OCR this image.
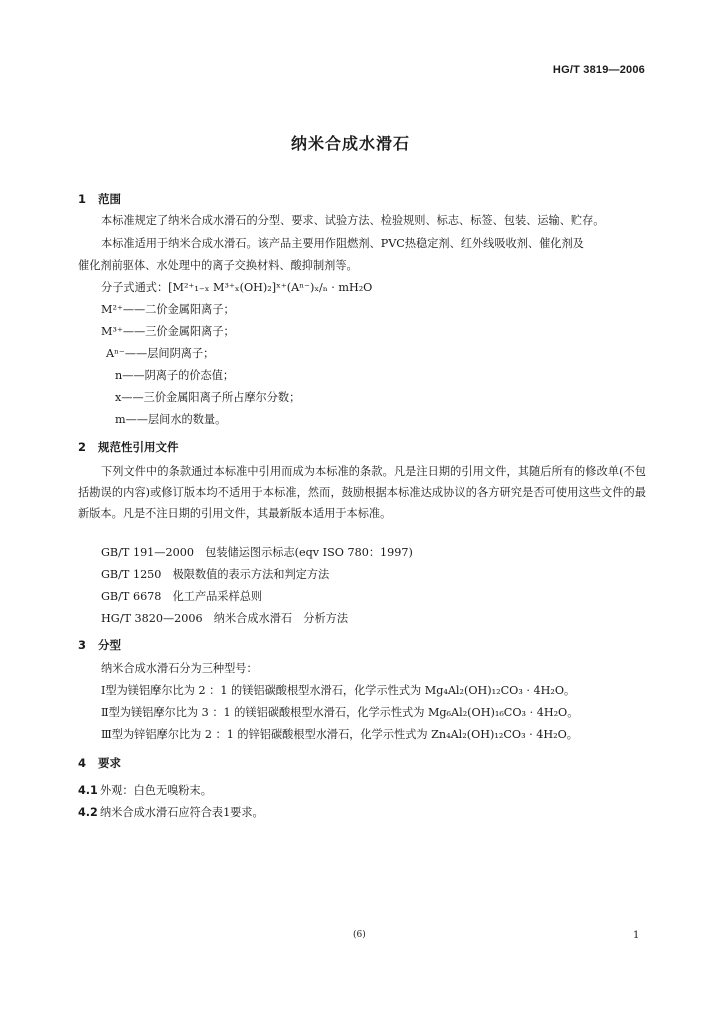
HG/T 3819—2006
纳米合成水滑石
1 范围
本标准规定了纳米合成水滑石的分型、要求、试验方法、检验规则、标志、标签、包装、运输、贮存。
本标准适用于纳米合成水滑石。该产品主要用作阻燃剂、PVC热稳定剂、红外线吸收剂、催化剂及
催化剂前驱体、水处理中的离子交换材料、酸抑制剂等。
分子式通式：[M²⁺₁₋ₓ M³⁺ₓ(OH)₂]ˣ⁺(Aⁿ⁻)ₓ/ₙ · mH₂O
M²⁺——二价金属阳离子；
M³⁺——三价金属阳离子；
Aⁿ⁻——层间阴离子；
n——阴离子的价态值；
x——三价金属阳离子所占摩尔分数；
m——层间水的数量。
2 规范性引用文件
下列文件中的条款通过本标准中引用而成为本标准的条款。凡是注日期的引用文件，其随后所有的修改单(不包括勘误的内容)或修订版本均不适用于本标准，然而，鼓励根据本标准达成协议的各方研究是否可使用这些文件的最新版本。凡是不注日期的引用文件，其最新版本适用于本标准。
GB/T 191—2000　包装储运图示标志(eqv ISO 780：1997)
GB/T 1250　极限数值的表示方法和判定方法
GB/T 6678　化工产品采样总则
HG/T 3820—2006　纳米合成水滑石　分析方法
3 分型
纳米合成水滑石分为三种型号：
Ⅰ型为镁铝摩尔比为 2 ：1 的镁铝碳酸根型水滑石，化学示性式为 Mg₄Al₂(OH)₁₂CO₃ · 4H₂O。
Ⅱ型为镁铝摩尔比为 3 ：1 的镁铝碳酸根型水滑石，化学示性式为 Mg₆Al₂(OH)₁₆CO₃ · 4H₂O。
Ⅲ型为锌铝摩尔比为 2 ：1 的锌铝碳酸根型水滑石，化学示性式为 Zn₄Al₂(OH)₁₂CO₃ · 4H₂O。
4 要求
4.1 外观：白色无嗅粉末。
4.2 纳米合成水滑石应符合表1要求。
(6)	1
